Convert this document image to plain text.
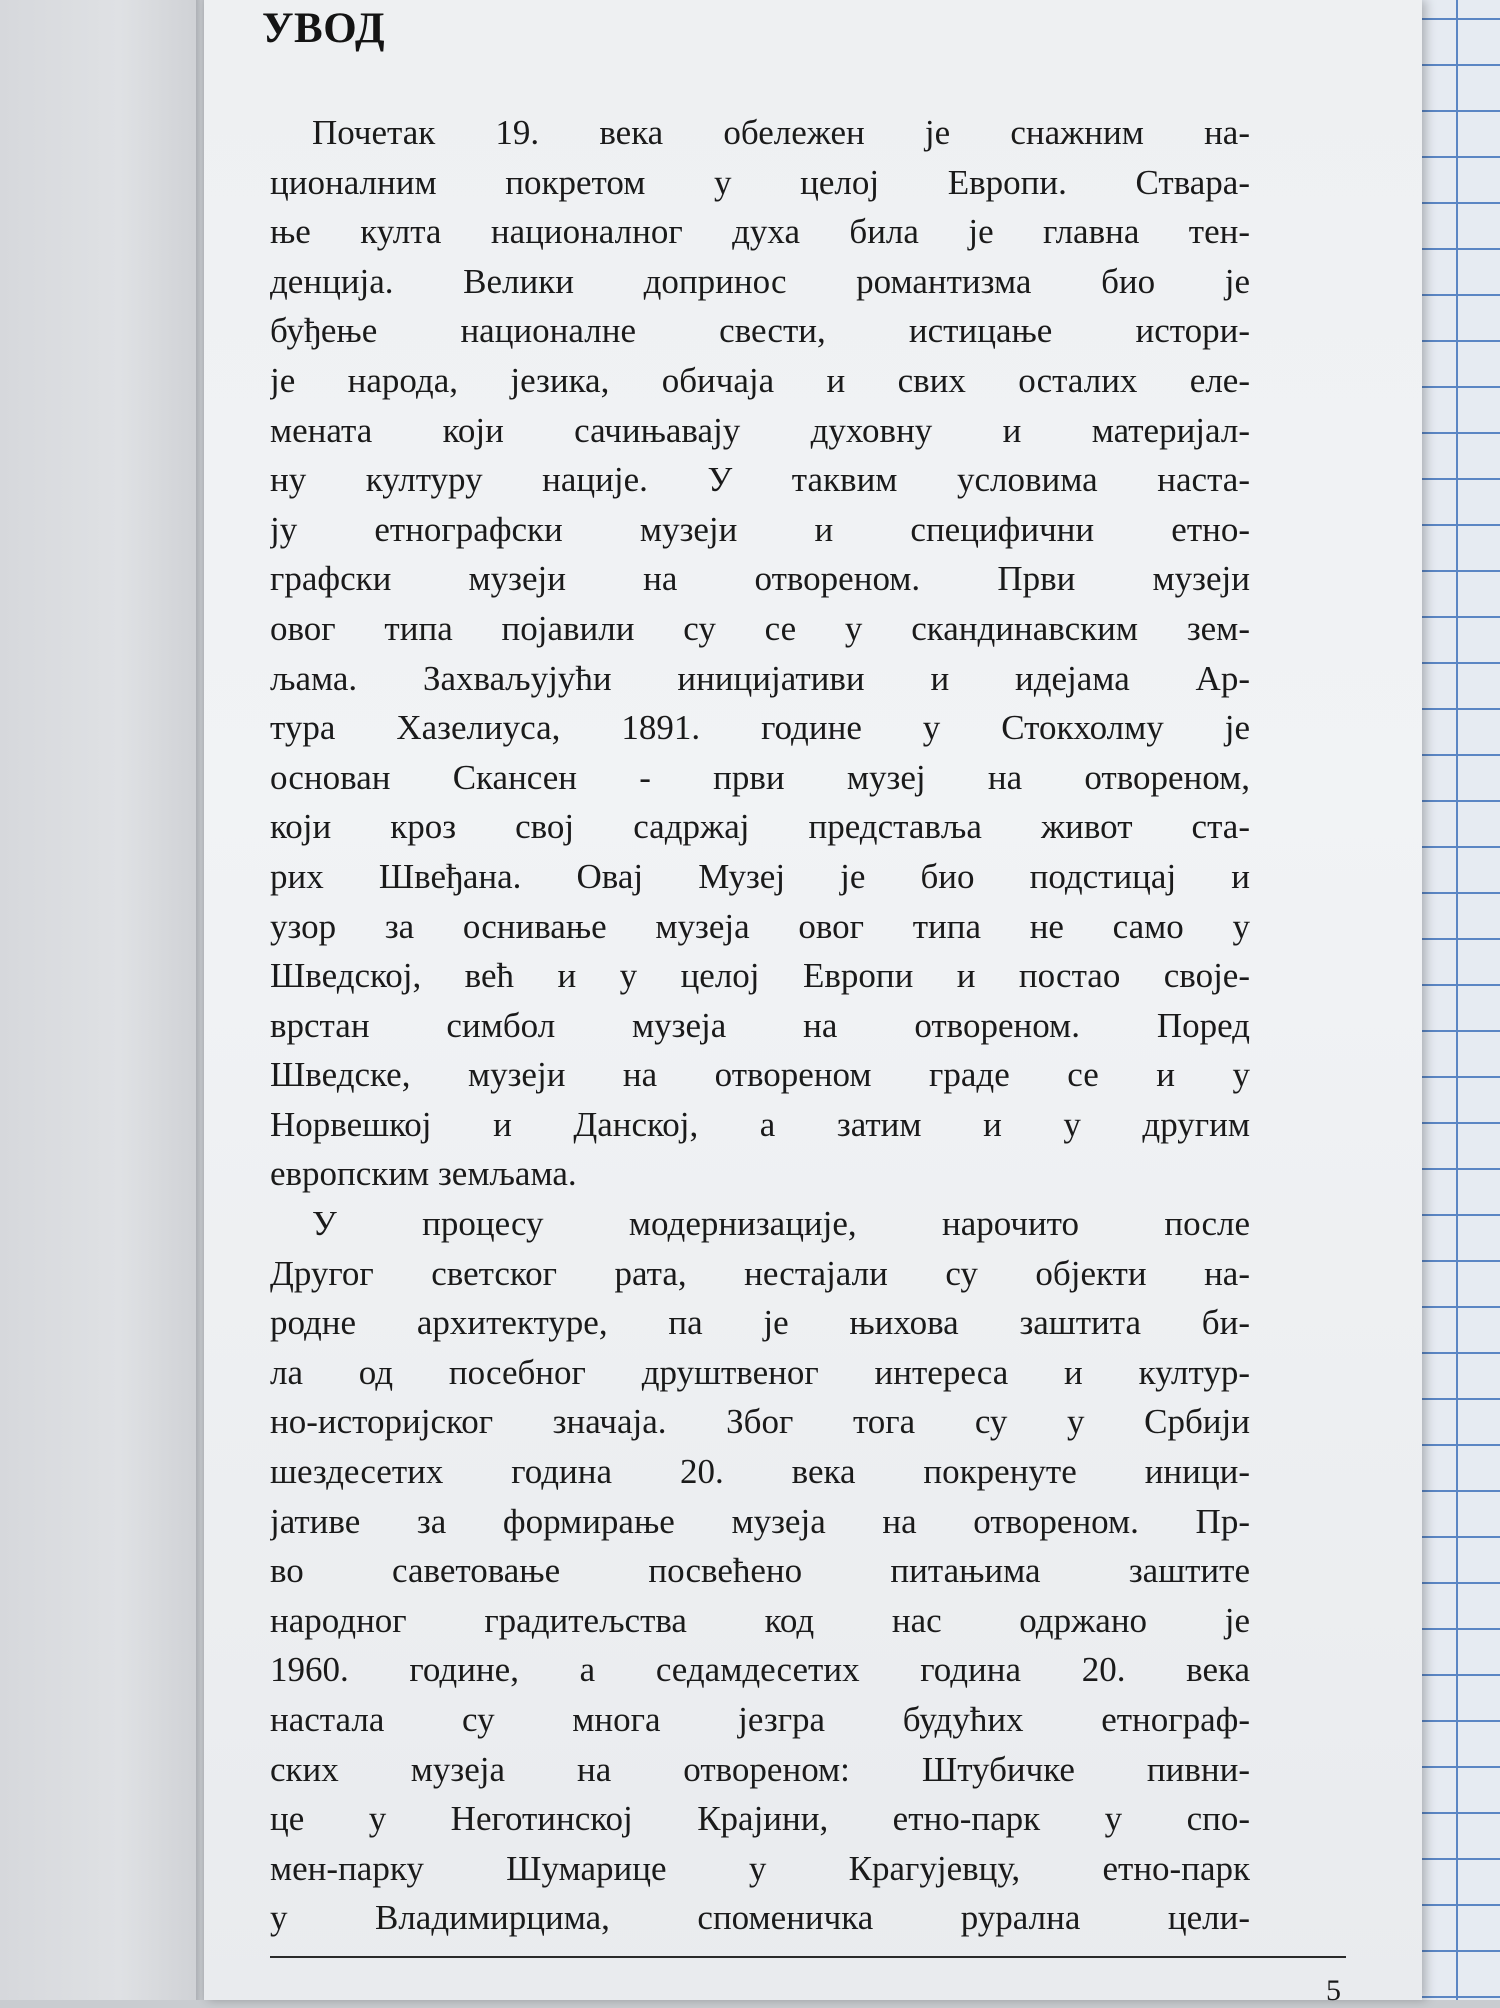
УВОД
Почетак 19. века обележен је снажним на-
ционалним покретом у целој Европи. Ствара-
ње култа националног духа била је главна тен-
денција. Велики допринос романтизма био је
буђење националне свести, истицање истори-
је народа, језика, обичаја и свих осталих еле-
мената који сачињавају духовну и материјал-
ну културу нације. У таквим условима наста-
ју етнографски музеји и специфични етно-
графски музеји на отвореном. Први музеји
овог типа појавили су се у скандинавским зем-
љама. Захваљујући иницијативи и идејама Ар-
тура Хазелиуса, 1891. године у Стокхолму је
основан Скансен - први музеј на отвореном,
који кроз свој садржај представља живот ста-
рих Швеђана. Овај Музеј је био подстицај и
узор за оснивање музеја овог типа не само у
Шведској, већ и у целој Европи и постао своје-
врстан симбол музеја на отвореном. Поред
Шведске, музеји на отвореном граде се и у
Норвешкој и Данској, а затим и у другим
европским земљама.
У процесу модернизације, нарочито после
Другог светског рата, нестајали су објекти на-
родне архитектуре, па је њихова заштита би-
ла од посебног друштвеног интереса и култур-
но-историјског значаја. Због тога су у Србији
шездесетих година 20. века покренуте иници-
јативе за формирање музеја на отвореном. Пр-
во саветовање посвећено питањима заштите
народног градитељства код нас одржано је
1960. године, а седамдесетих година 20. века
настала су многа језгра будућих етнограф-
ских музеја на отвореном: Штубичке пивни-
це у Неготинској Крајини, етно-парк у спо-
мен-парку Шумарице у Крагујевцу, етно-парк
у Владимирцима, споменичка рурална цели-
5
